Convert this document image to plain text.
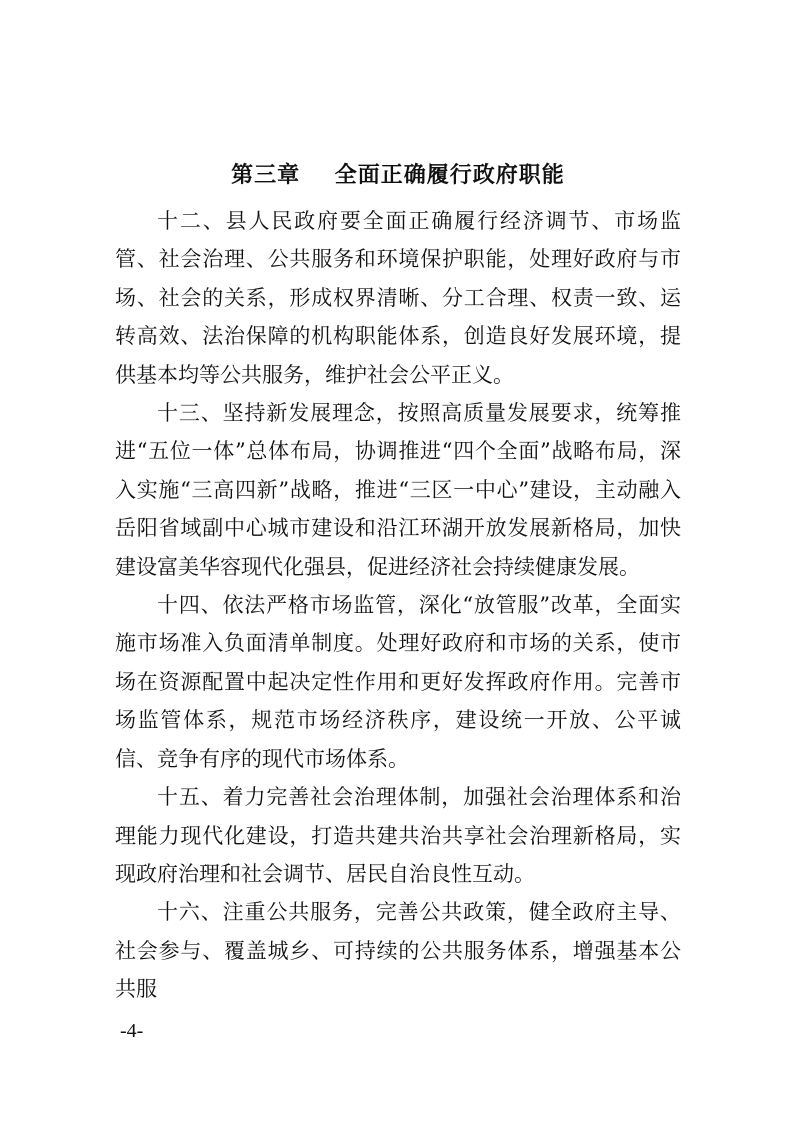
第三章    全面正确履行政府职能

十二、县人民政府要全面正确履行经济调节、市场监管、社会治理、公共服务和环境保护职能，处理好政府与市场、社会的关系，形成权界清晰、分工合理、权责一致、运转高效、法治保障的机构职能体系，创造良好发展环境，提供基本均等公共服务，维护社会公平正义。

十三、坚持新发展理念，按照高质量发展要求，统筹推进“五位一体”总体布局，协调推进“四个全面”战略布局，深入实施“三高四新”战略，推进“三区一中心”建设，主动融入岳阳省域副中心城市建设和沿江环湖开放发展新格局，加快建设富美华容现代化强县，促进经济社会持续健康发展。

十四、依法严格市场监管，深化“放管服”改革，全面实施市场准入负面清单制度。处理好政府和市场的关系，使市场在资源配置中起决定性作用和更好发挥政府作用。完善市场监管体系，规范市场经济秩序，建设统一开放、公平诚信、竞争有序的现代市场体系。

十五、着力完善社会治理体制，加强社会治理体系和治理能力现代化建设，打造共建共治共享社会治理新格局，实现政府治理和社会调节、居民自治良性互动。

十六、注重公共服务，完善公共政策，健全政府主导、社会参与、覆盖城乡、可持续的公共服务体系，增强基本公共服

-4-
